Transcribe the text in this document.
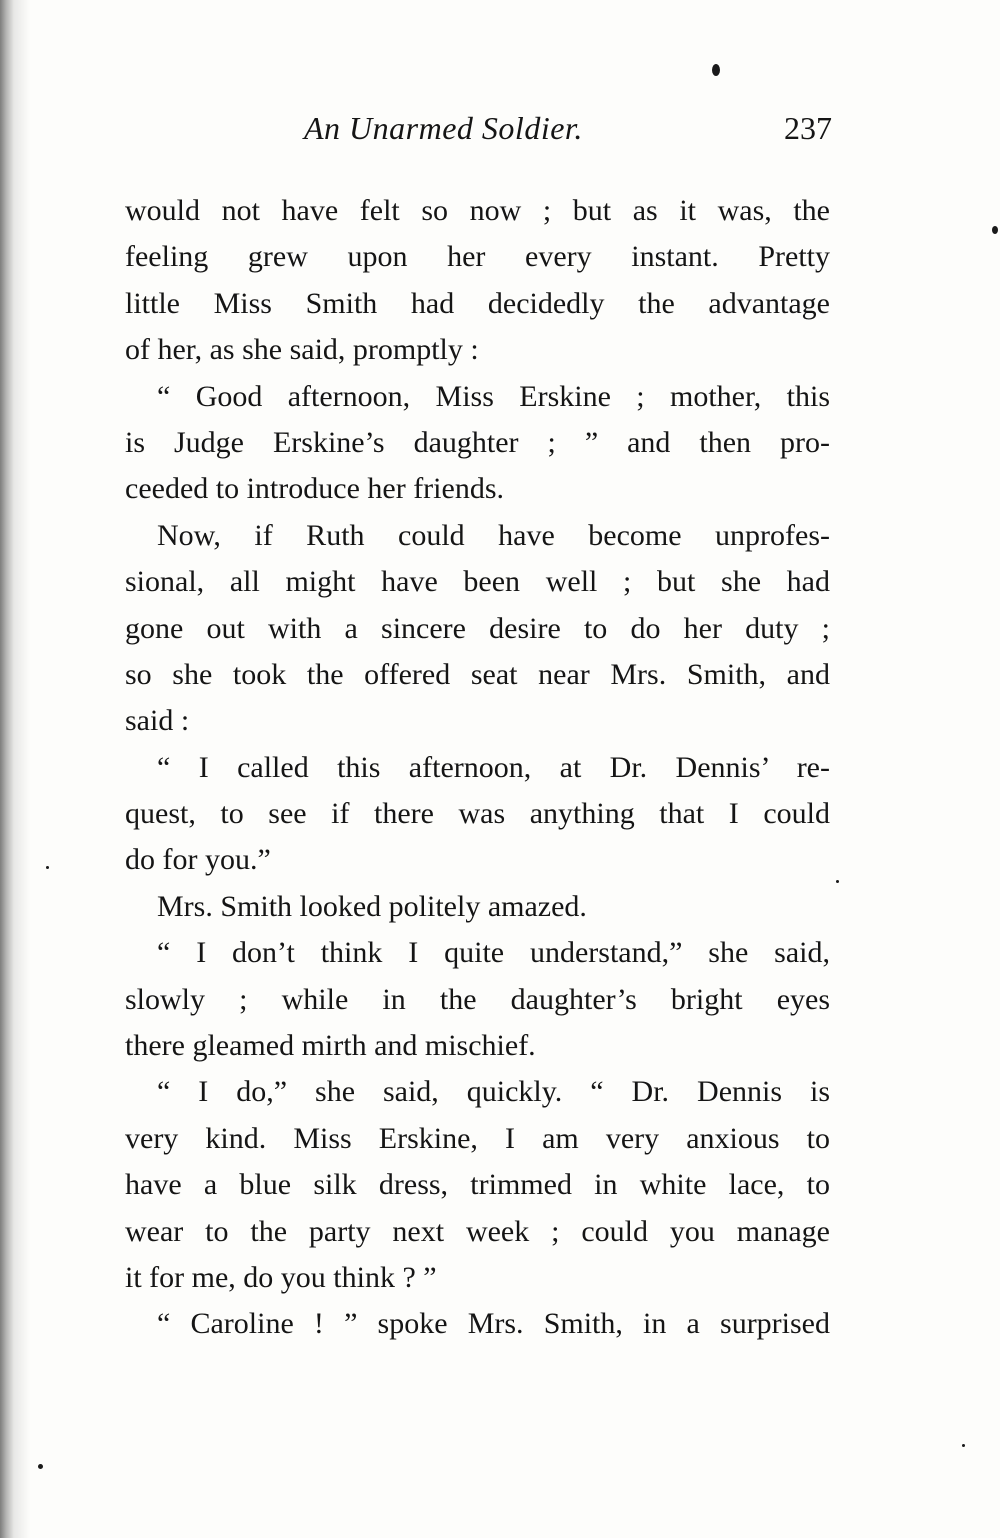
An Unarmed Soldier.	237
would not have felt so now ; but as it was, the
feeling grew upon her every instant. Pretty
little Miss Smith had decidedly the advantage
of her, as she said, promptly :
“ Good afternoon, Miss Erskine ; mother, this
is Judge Erskine’s daughter ; ” and then pro-
ceeded to introduce her friends.
Now, if Ruth could have become unprofes-
sional, all might have been well ; but she had
gone out with a sincere desire to do her duty ;
so she took the offered seat near Mrs. Smith, and
said :
“ I called this afternoon, at Dr. Dennis’ re-
quest, to see if there was anything that I could
do for you.”
Mrs. Smith looked politely amazed.
“ I don’t think I quite understand,” she said,
slowly ; while in the daughter’s bright eyes
there gleamed mirth and mischief.
“ I do,” she said, quickly. “ Dr. Dennis is
very kind. Miss Erskine, I am very anxious to
have a blue silk dress, trimmed in white lace, to
wear to the party next week ; could you manage
it for me, do you think ? ”
“ Caroline ! ” spoke Mrs. Smith, in a surprised
